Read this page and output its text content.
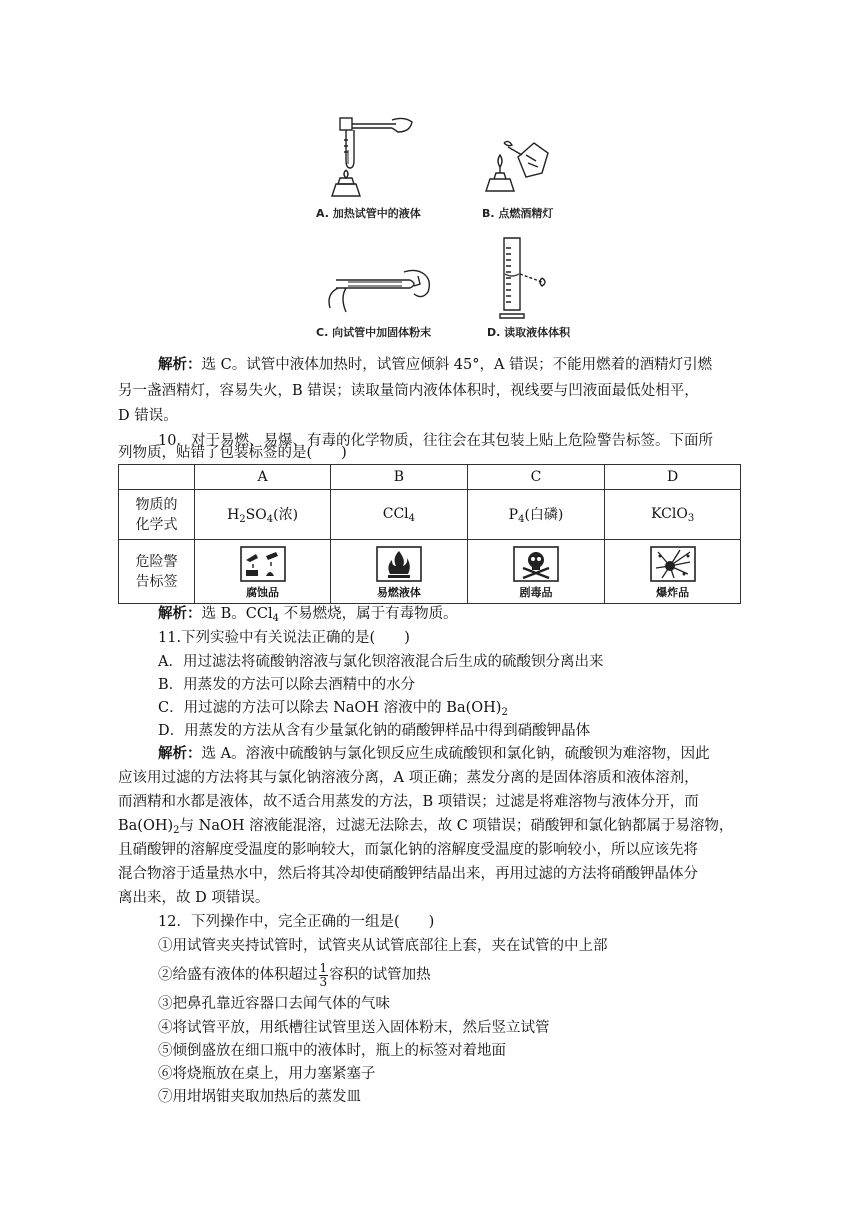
A. 加热试管中的液体	B. 点燃酒精灯
C. 向试管中加固体粉末	D. 读取液体体积
解析：选 C。试管中液体加热时，试管应倾斜 45°，A 错误；不能用燃着的酒精灯引燃
另一盏酒精灯，容易失火，B 错误；读取量筒内液体体积时，视线要与凹液面最低处相平，
D 错误。
10．对于易燃、易爆、有毒的化学物质，往往会在其包装上贴上危险警告标签。下面所
列物质，贴错了包装标签的是(　　)
	A	B	C	D
物质的
化学式	$H_2SO_4$(浓)	CCl$_4$	$P_4$(白磷)	KClO$_3$
危险警
告标签	腐蚀品	易燃液体	剧毒品	爆炸品
解析：选 B。CCl$_4$ 不易燃烧，属于有毒物质。
11.下列实验中有关说法正确的是(　　)
A．用过滤法将硫酸钠溶液与氯化钡溶液混合后生成的硫酸钡分离出来
B．用蒸发的方法可以除去酒精中的水分
C．用过滤的方法可以除去 NaOH 溶液中的 $Ba(OH)_2$
D．用蒸发的方法从含有少量氯化钠的硝酸钾样品中得到硝酸钾晶体
解析：选 A。溶液中硫酸钠与氯化钡反应生成硫酸钡和氯化钠，硫酸钡为难溶物，因此
应该用过滤的方法将其与氯化钠溶液分离，A 项正确；蒸发分离的是固体溶质和液体溶剂，
而酒精和水都是液体，故不适合用蒸发的方法，B 项错误；过滤是将难溶物与液体分开，而
$Ba(OH)_2$与 NaOH 溶液能混溶，过滤无法除去，故 C 项错误；硝酸钾和氯化钠都属于易溶物，
且硝酸钾的溶解度受温度的影响较大，而氯化钠的溶解度受温度的影响较小，所以应该先将
混合物溶于适量热水中，然后将其冷却使硝酸钾结晶出来，再用过滤的方法将硝酸钾晶体分
离出来，故 D 项错误。
12．下列操作中，完全正确的一组是(　　)
①用试管夹夹持试管时，试管夹从试管底部往上套，夹在试管的中上部
②给盛有液体的体积超过 $\frac{1}{3}$ 容积的试管加热
③把鼻孔靠近容器口去闻气体的气味
④将试管平放，用纸槽往试管里送入固体粉末，然后竖立试管
⑤倾倒盛放在细口瓶中的液体时，瓶上的标签对着地面
⑥将烧瓶放在桌上，用力塞紧塞子
⑦用坩埚钳夹取加热后的蒸发皿
